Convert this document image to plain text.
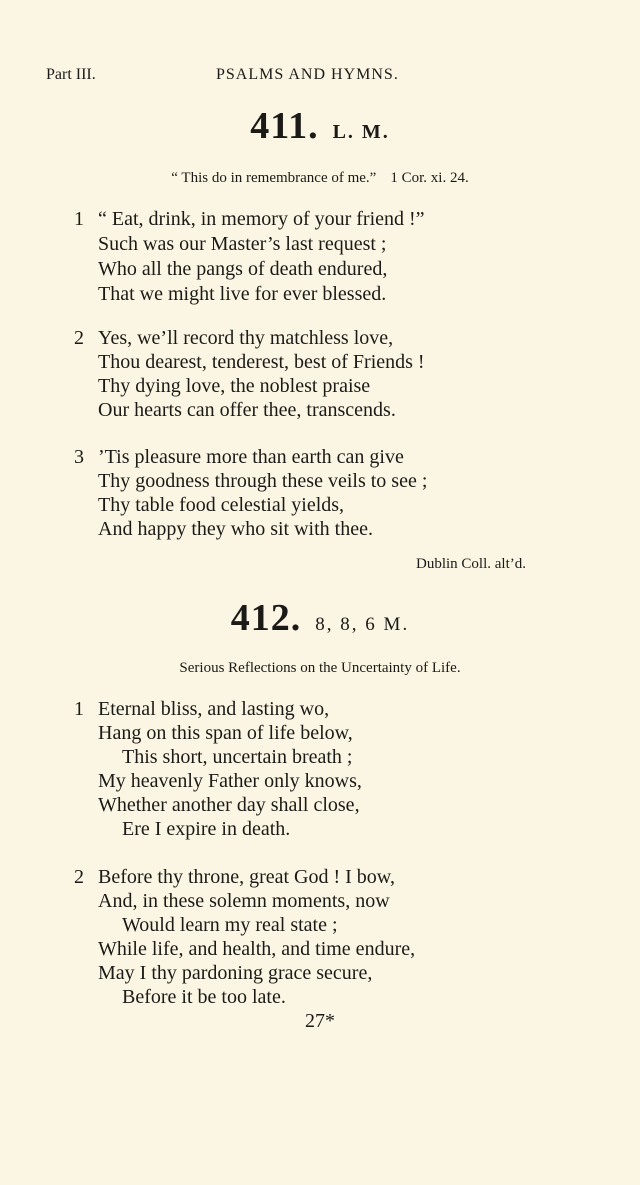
Part III.	PSALMS AND HYMNS.
411. L. M.
“ This do in remembrance of me.” 1 Cor. xi. 24.
1 “ Eat, drink, in memory of your friend !”
Such was our Master’s last request ;
Who all the pangs of death endured,
That we might live for ever blessed.
2 Yes, we’ll record thy matchless love,
Thou dearest, tenderest, best of Friends !
Thy dying love, the noblest praise
Our hearts can offer thee, transcends.
3 ’Tis pleasure more than earth can give
Thy goodness through these veils to see ;
Thy table food celestial yields,
And happy they who sit with thee.
Dublin Coll. alt’d.
412. 8, 8, 6 M.
Serious Reflections on the Uncertainty of Life.
1 Eternal bliss, and lasting wo,
Hang on this span of life below,
This short, uncertain breath ;
My heavenly Father only knows,
Whether another day shall close,
Ere I expire in death.
2 Before thy throne, great God ! I bow,
And, in these solemn moments, now
Would learn my real state ;
While life, and health, and time endure,
May I thy pardoning grace secure,
Before it be too late.
27*
